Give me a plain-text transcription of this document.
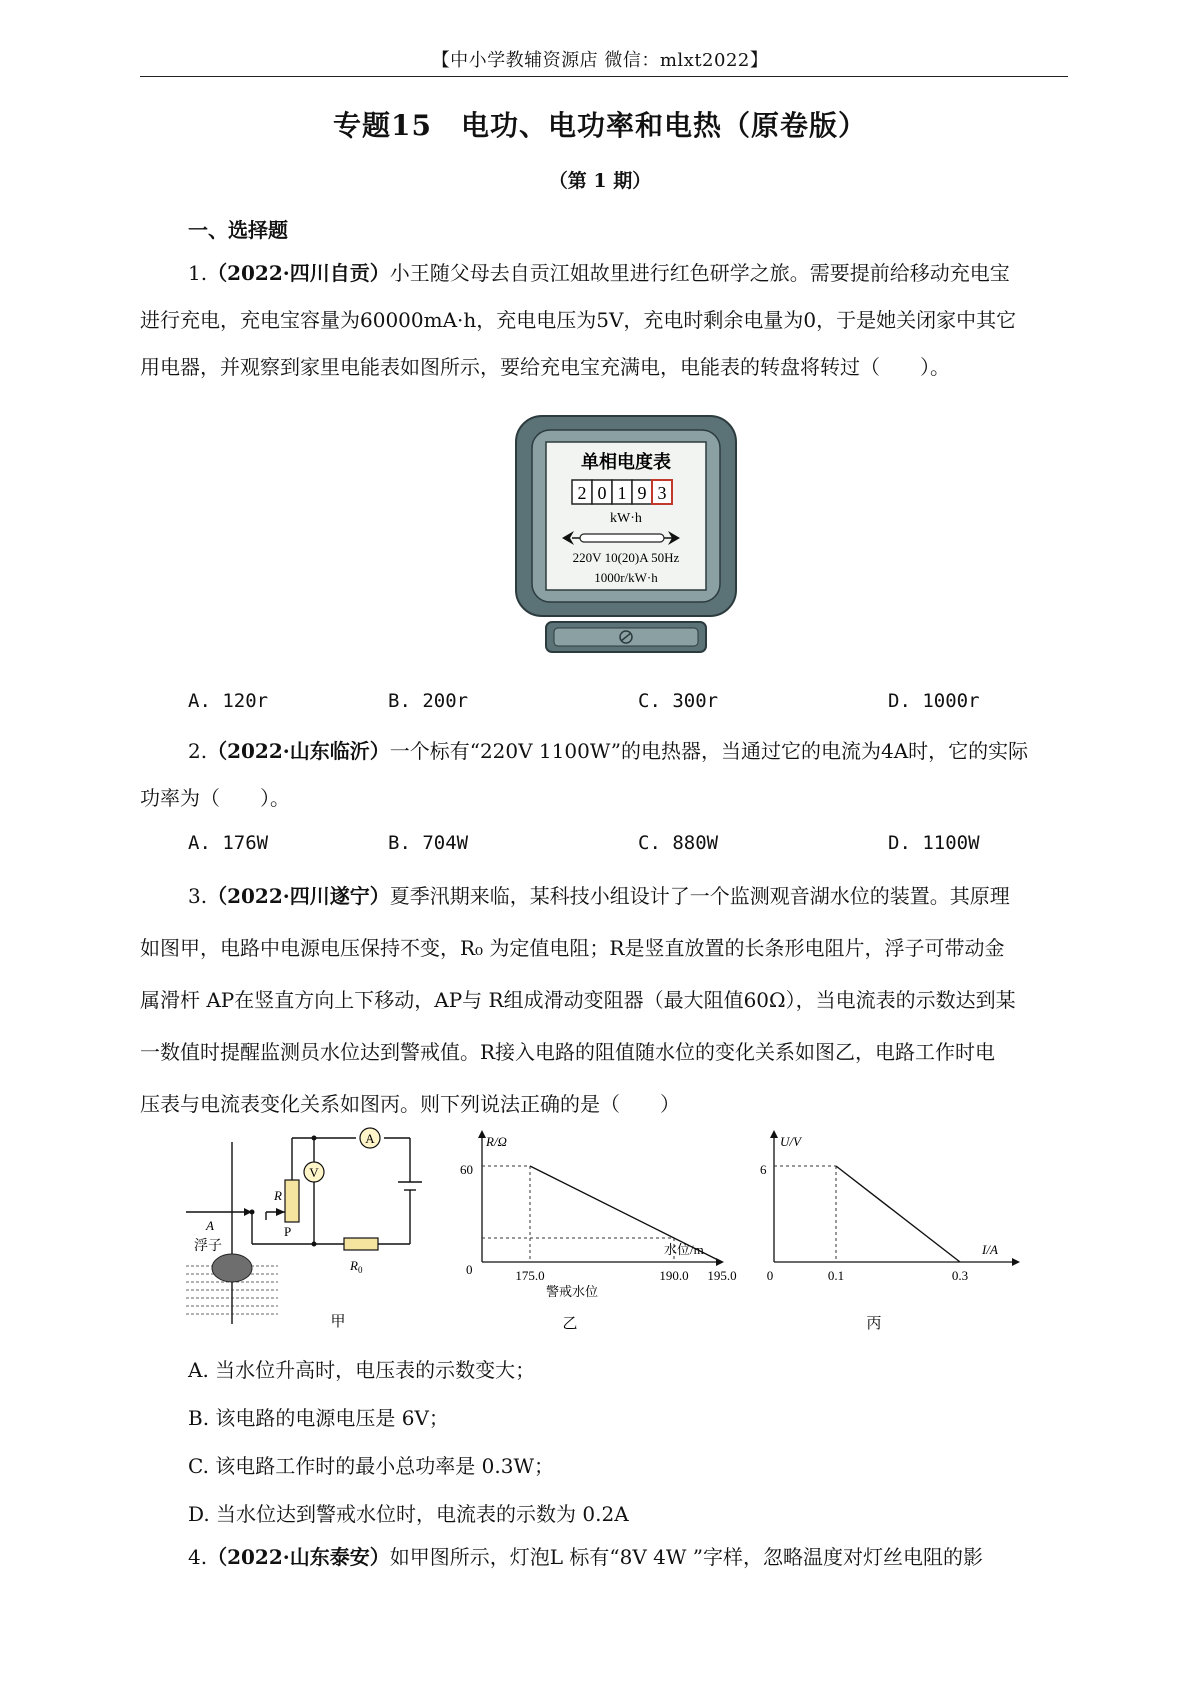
【中小学教辅资源店 微信：mlxt2022】
专题15　电功、电功率和电热（原卷版）
（第 1 期）
一、选择题
1.（2022·四川自贡）小王随父母去自贡江姐故里进行红色研学之旅。需要提前给移动充电宝
进行充电，充电宝容量为60000mA·h，充电电压为5V，充电时剩余电量为0，于是她关闭家中其它
用电器，并观察到家里电能表如图所示，要给充电宝充满电，电能表的转盘将转过（　　）。
单相电度表
2 0 1 9 3
kW·h
220V 10(20)A 50Hz
1000r/kW·h
A. 120r	B. 200r	C. 300r	D. 1000r
2.（2022·山东临沂）一个标有“220V 1100W”的电热器，当通过它的电流为4A时，它的实际
功率为（　　）。
A. 176W	B. 704W	C. 880W	D. 1100W
3.（2022·四川遂宁）夏季汛期来临，某科技小组设计了一个监测观音湖水位的装置。其原理
如图甲，电路中电源电压保持不变，R₀ 为定值电阻；R是竖直放置的长条形电阻片，浮子可带动金
属滑杆 AP在竖直方向上下移动，AP与 R组成滑动变阻器（最大阻值60Ω），当电流表的示数达到某
一数值时提醒监测员水位达到警戒值。R接入电路的阻值随水位的变化关系如图乙，电路工作时电
压表与电流表变化关系如图丙。则下列说法正确的是（　　）
A
V
R
P
A
浮子
$R_0$
甲
R/Ω
水位/m
0
60
175.0	190.0 195.0
警戒水位
乙
U/V
I/A
0
6
0.1	0.3
丙
A. 当水位升高时，电压表的示数变大；
B. 该电路的电源电压是 6V；
C. 该电路工作时的最小总功率是 0.3W；
D. 当水位达到警戒水位时，电流表的示数为 0.2A
4.（2022·山东泰安）如甲图所示，灯泡L 标有“8V 4W ”字样，忽略温度对灯丝电阻的影
